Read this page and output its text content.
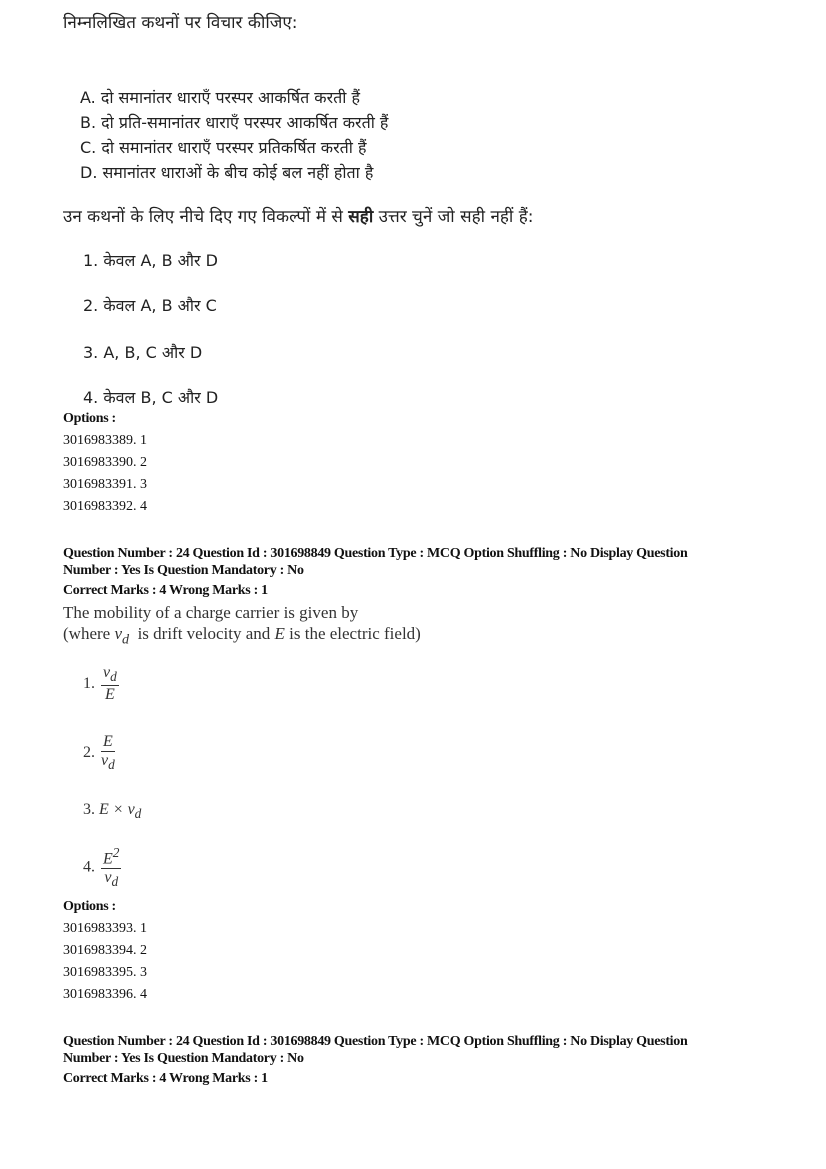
निम्नलिखित कथनों पर विचार कीजिए:
A. दो समानांतर धाराएँ परस्पर आकर्षित करती हैं
B. दो प्रति-समानांतर धाराएँ परस्पर आकर्षित करती हैं
C. दो समानांतर धाराएँ परस्पर प्रतिकर्षित करती हैं
D. समानांतर धाराओं के बीच कोई बल नहीं होता है
उन कथनों के लिए नीचे दिए गए विकल्पों में से सही उत्तर चुनें जो सही नहीं हैं:
1. केवल A, B और D
2. केवल A, B और C
3. A, B, C और D
4. केवल B, C और D
Options :
3016983389. 1
3016983390. 2
3016983391. 3
3016983392. 4
Question Number : 24 Question Id : 301698849 Question Type : MCQ Option Shuffling : No Display Question
Number : Yes Is Question Mandatory : No
Correct Marks : 4 Wrong Marks : 1
The mobility of a charge carrier is given by
(where $v_d$  is drift velocity and E is the electric field)
1. $\frac{v_d}{E}$
2. $\frac{E}{v_d}$
3. $E \times v_d$
4. $\frac{E^2}{v_d}$
Options :
3016983393. 1
3016983394. 2
3016983395. 3
3016983396. 4
Question Number : 24 Question Id : 301698849 Question Type : MCQ Option Shuffling : No Display Question
Number : Yes Is Question Mandatory : No
Correct Marks : 4 Wrong Marks : 1
